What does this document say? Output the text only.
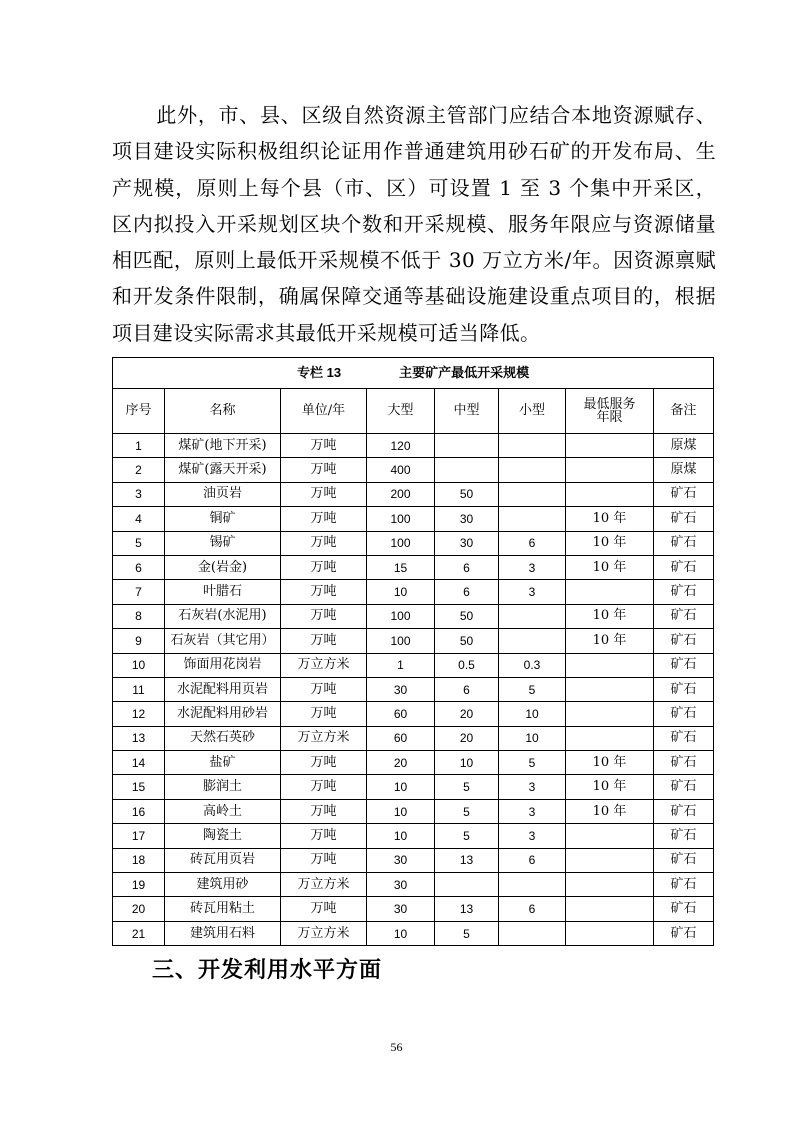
此外，市、县、区级自然资源主管部门应结合本地资源赋存、项目建设实际积极组织论证用作普通建筑用砂石矿的开发布局、生产规模，原则上每个县（市、区）可设置 1 至 3 个集中开采区，区内拟投入开采规划区块个数和开采规模、服务年限应与资源储量相匹配，原则上最低开采规模不低于 30 万立方米/年。因资源禀赋和开发条件限制，确属保障交通等基础设施建设重点项目的，根据项目建设实际需求其最低开采规模可适当降低。

专栏 13 主要矿产最低开采规模							
序号	名称	单位/年	大型	中型	小型	最低服务年限	备注
1	煤矿(地下开采)	万吨	120				原煤
2	煤矿(露天开采)	万吨	400				原煤
3	油页岩	万吨	200	50			矿石
4	铜矿	万吨	100	30		10 年	矿石
5	锡矿	万吨	100	30	6	10 年	矿石
6	金(岩金)	万吨	15	6	3	10 年	矿石
7	叶腊石	万吨	10	6	3		矿石
8	石灰岩(水泥用)	万吨	100	50		10 年	矿石
9	石灰岩（其它用）	万吨	100	50		10 年	矿石
10	饰面用花岗岩	万立方米	1	0.5	0.3		矿石
11	水泥配料用页岩	万吨	30	6	5		矿石
12	水泥配料用砂岩	万吨	60	20	10		矿石
13	天然石英砂	万立方米	60	20	10		矿石
14	盐矿	万吨	20	10	5	10 年	矿石
15	膨润土	万吨	10	5	3	10 年	矿石
16	高岭土	万吨	10	5	3	10 年	矿石
17	陶瓷土	万吨	10	5	3		矿石
18	砖瓦用页岩	万吨	30	13	6		矿石
19	建筑用砂	万立方米	30				矿石
20	砖瓦用粘土	万吨	30	13	6		矿石
21	建筑用石料	万立方米	10	5			矿石
三、开发利用水平方面
56
